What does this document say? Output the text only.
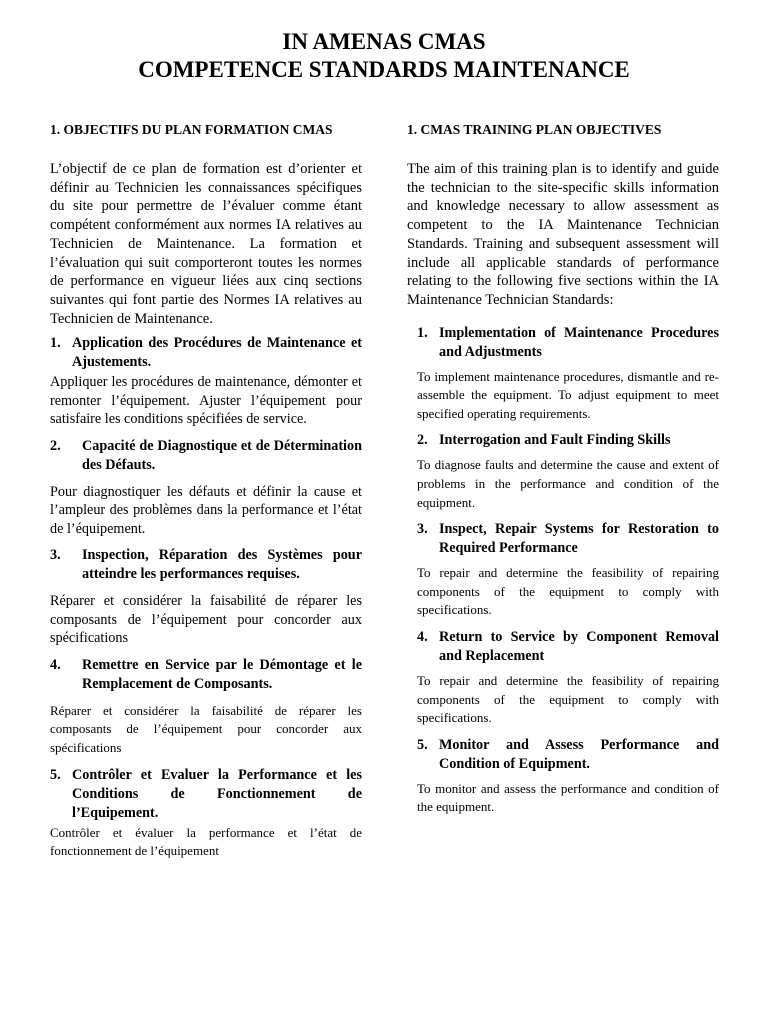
IN AMENAS CMAS
COMPETENCE STANDARDS MAINTENANCE
1. OBJECTIFS DU PLAN FORMATION CMAS
L’objectif de ce plan de formation est d’orienter et définir au Technicien les connaissances spécifiques du site pour permettre de l’évaluer comme étant compétent conformément aux normes IA relatives au Technicien de Maintenance. La formation et l’évaluation qui suit comporteront toutes les normes de performance en vigueur liées aux cinq sections suivantes qui font partie des Normes IA relatives au Technicien de Maintenance.
1. Application des Procédures de Maintenance et Ajustements.
Appliquer les procédures de maintenance, démonter et remonter l’équipement. Ajuster l’équipement pour satisfaire les conditions spécifiées de service.
2.	Capacité de Diagnostique et de Détermination des Défauts.
Pour diagnostiquer les défauts et définir la cause et l’ampleur des problèmes dans la performance et l’état de l’équipement.
3.	Inspection, Réparation des Systèmes pour atteindre les performances requises.
Réparer et considérer la faisabilité de réparer les composants de l’équipement pour concorder aux spécifications
4.	Remettre en Service par le Démontage et le Remplacement de Composants.
Réparer et considérer la faisabilité de réparer les composants de l’équipement pour concorder aux spécifications
5. Contrôler et Evaluer la Performance et les Conditions de Fonctionnement de l’Equipement.
Contrôler et évaluer la performance et l’état de fonctionnement de l’équipement
1. CMAS TRAINING PLAN OBJECTIVES
The aim of this training plan is to identify and guide the technician to the site-specific skills information and knowledge necessary to allow assessment as competent to the IA Maintenance Technician Standards. Training and subsequent assessment will include all applicable standards of performance relating to the following five sections within the IA Maintenance Technician Standards:
1. Implementation of Maintenance Procedures and Adjustments
To implement maintenance procedures, dismantle and re-assemble the equipment. To adjust equipment to meet specified operating requirements.
2. Interrogation and Fault Finding Skills
To diagnose faults and determine the cause and extent of problems in the performance and condition of the equipment.
3. Inspect, Repair Systems for Restoration to Required Performance
To repair and determine the feasibility of repairing components of the equipment to comply with specifications.
4. Return to Service by Component Removal and Replacement
To repair and determine the feasibility of repairing components of the equipment to comply with specifications.
5. Monitor and Assess Performance and Condition of Equipment.
To monitor and assess the performance and condition of the equipment.
